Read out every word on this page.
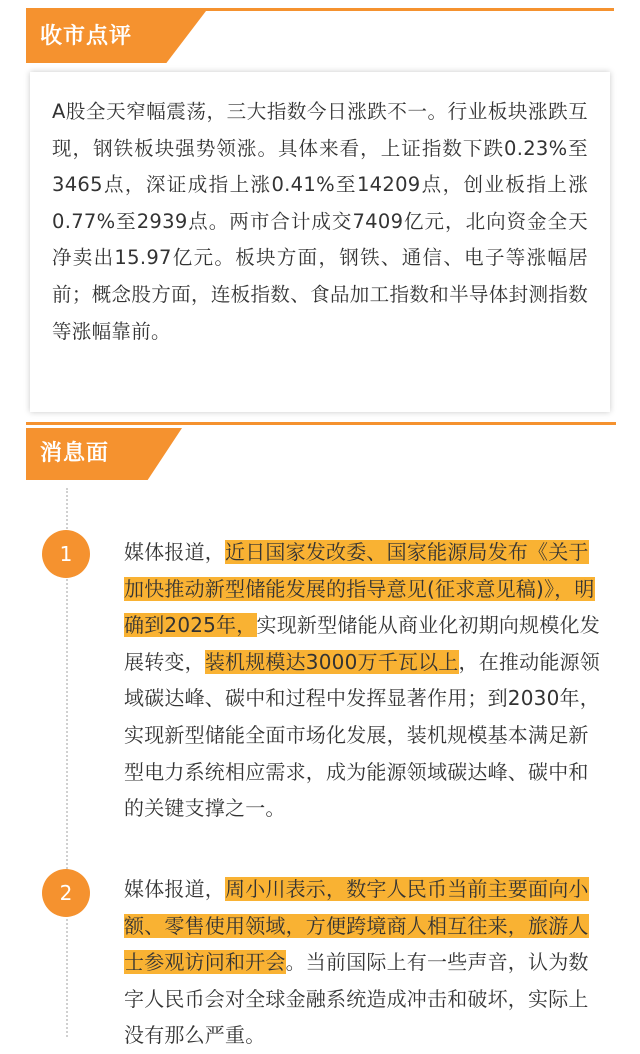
收市点评
A股全天窄幅震荡，三大指数今日涨跌不一。行业板块涨跌互现，钢铁板块强势领涨。具体来看，上证指数下跌0.23%至3465点，深证成指上涨0.41%至14209点，创业板指上涨0.77%至2939点。两市合计成交7409亿元，北向资金全天净卖出15.97亿元。板块方面，钢铁、通信、电子等涨幅居前；概念股方面，连板指数、食品加工指数和半导体封测指数等涨幅靠前。
消息面
1	媒体报道，近日国家发改委、国家能源局发布《关于加快推动新型储能发展的指导意见(征求意见稿)》，明确到2025年，实现新型储能从商业化初期向规模化发展转变，装机规模达3000万千瓦以上，在推动能源领域碳达峰、碳中和过程中发挥显著作用；到2030年，实现新型储能全面市场化发展，装机规模基本满足新型电力系统相应需求，成为能源领域碳达峰、碳中和的关键支撑之一。
2	媒体报道，周小川表示，数字人民币当前主要面向小额、零售使用领域，方便跨境商人相互往来，旅游人士参观访问和开会。当前国际上有一些声音，认为数字人民币会对全球金融系统造成冲击和破坏，实际上没有那么严重。
